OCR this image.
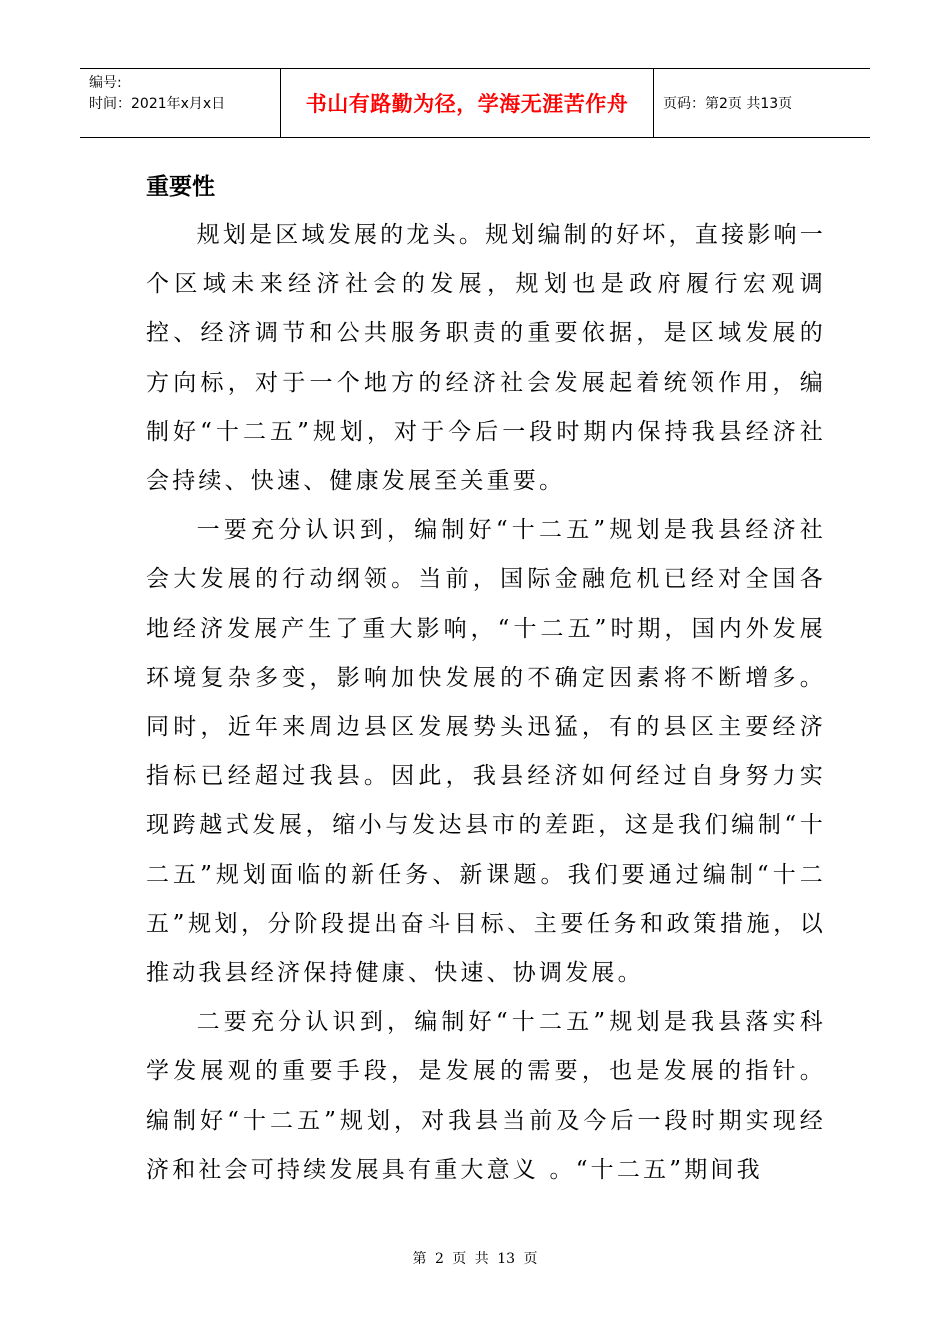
编号:
时间：2021年x月x日	书山有路勤为径，学海无涯苦作舟 页码：第2页 共13页
重要性

规划是区域发展的龙头。规划编制的好坏，直接影响一个区域未来经济社会的发展，规划也是政府履行宏观调控、经济调节和公共服务职责的重要依据，是区域发展的方向标，对于一个地方的经济社会发展起着统领作用，编制好“十二五”规划，对于今后一段时期内保持我县经济社会持续、快速、健康发展至关重要。

一要充分认识到，编制好“十二五”规划是我县经济社会大发展的行动纲领。当前，国际金融危机已经对全国各地经济发展产生了重大影响，“十二五”时期，国内外发展环境复杂多变，影响加快发展的不确定因素将不断增多。同时，近年来周边县区发展势头迅猛，有的县区主要经济指标已经超过我县。因此，我县经济如何经过自身努力实现跨越式发展，缩小与发达县市的差距，这是我们编制“十二五”规划面临的新任务、新课题。我们要通过编制“十二五”规划，分阶段提出奋斗目标、主要任务和政策措施，以推动我县经济保持健康、快速、协调发展。

二要充分认识到，编制好“十二五”规划是我县落实科学发展观的重要手段，是发展的需要，也是发展的指针。编制好“十二五”规划，对我县当前及今后一段时期实现经济和社会可持续发展具有重大意义 。“十二五”期间我

第 2 页 共 13 页
